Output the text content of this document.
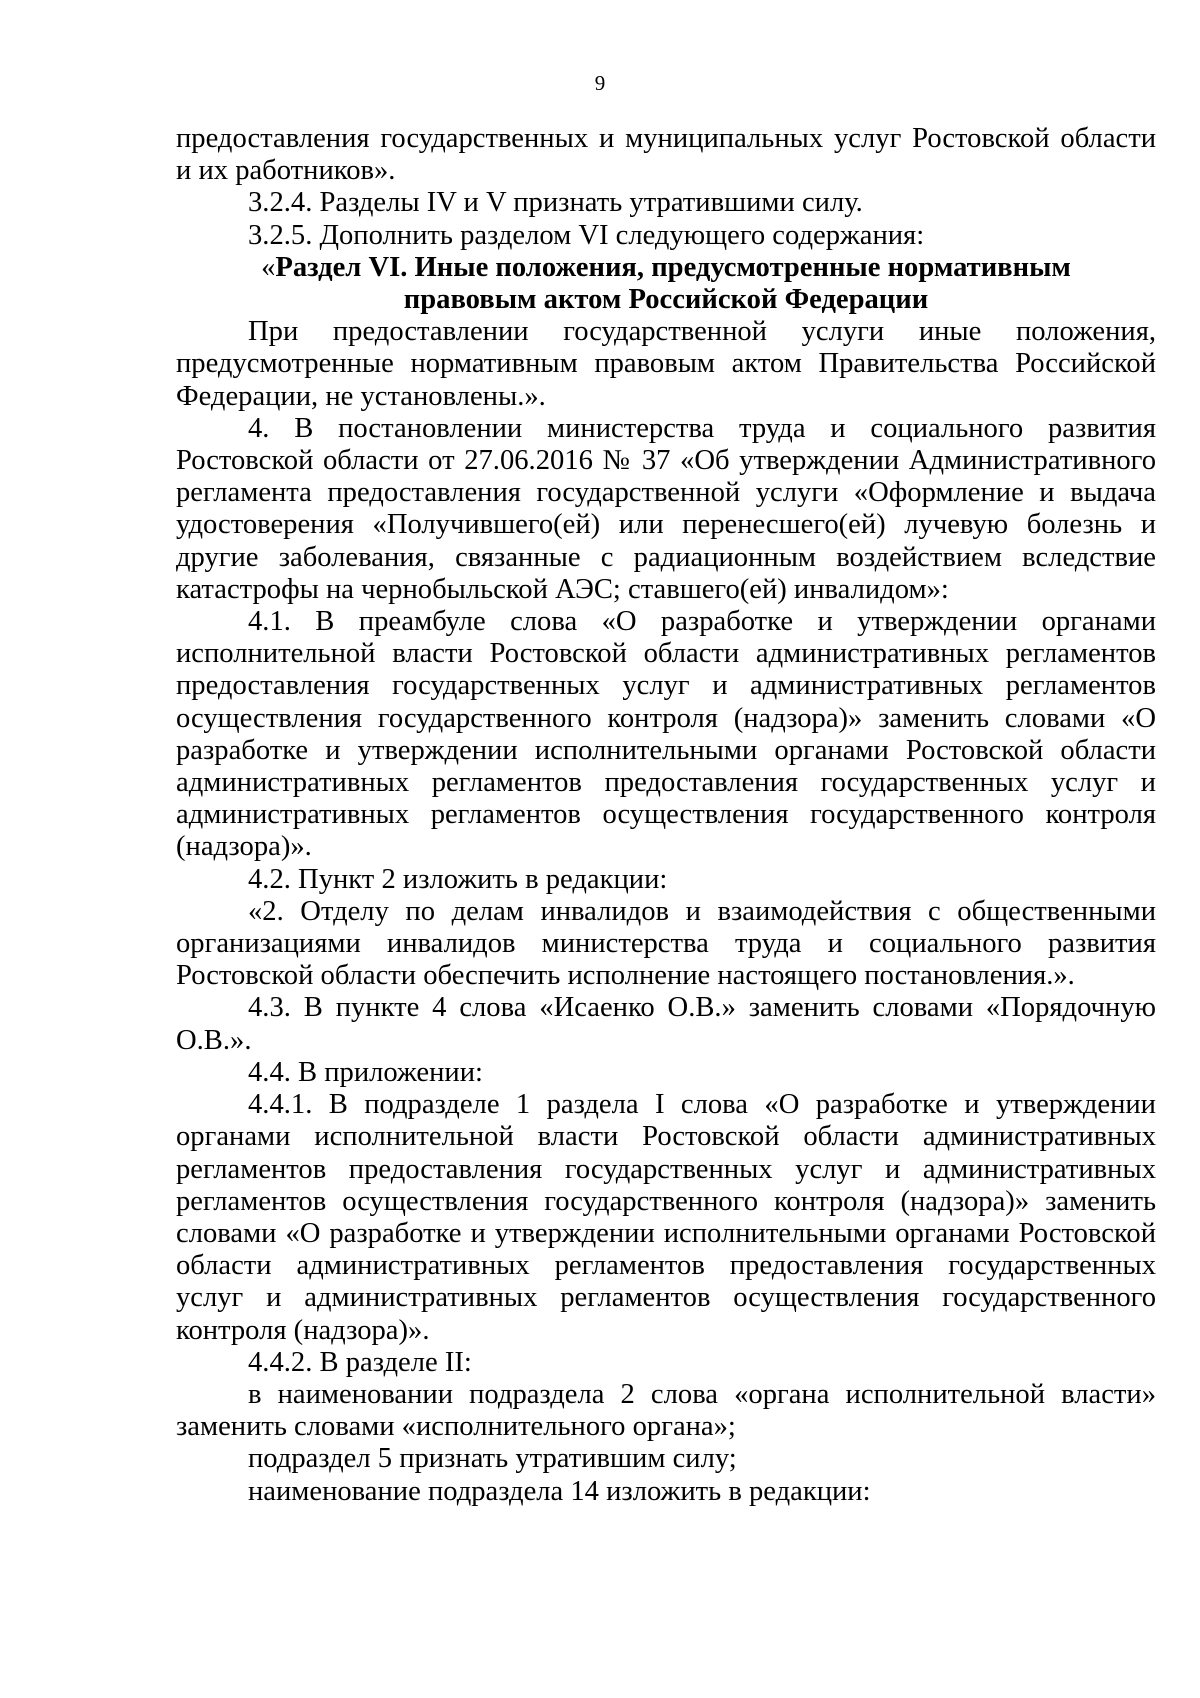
9

предоставления государственных и муниципальных услуг Ростовской области и их работников».

3.2.4. Разделы IV и V признать утратившими силу.

3.2.5. Дополнить разделом VI следующего содержания:

«Раздел VI. Иные положения, предусмотренные нормативным
правовым актом Российской Федерации

При предоставлении государственной услуги иные положения, предусмотренные нормативным правовым актом Правительства Российской Федерации, не установлены.».

4. В постановлении министерства труда и социального развития Ростовской области от 27.06.2016 № 37 «Об утверждении Административного регламента предоставления государственной услуги «Оформление и выдача удостоверения «Получившего(ей) или перенесшего(ей) лучевую болезнь и другие заболевания, связанные с радиационным воздействием вследствие катастрофы на чернобыльской АЭС; ставшего(ей) инвалидом»:

4.1. В преамбуле слова «О разработке и утверждении органами исполнительной власти Ростовской области административных регламентов предоставления государственных услуг и административных регламентов осуществления государственного контроля (надзора)» заменить словами «О разработке и утверждении исполнительными органами Ростовской области административных регламентов предоставления государственных услуг и административных регламентов осуществления государственного контроля (надзора)».

4.2. Пункт 2 изложить в редакции:

«2. Отделу по делам инвалидов и взаимодействия с общественными организациями инвалидов министерства труда и социального развития Ростовской области обеспечить исполнение настоящего постановления.».

4.3. В пункте 4 слова «Исаенко О.В.» заменить словами «Порядочную О.В.».

4.4. В приложении:

4.4.1. В подразделе 1 раздела I слова «О разработке и утверждении органами исполнительной власти Ростовской области административных регламентов предоставления государственных услуг и административных регламентов осуществления государственного контроля (надзора)» заменить словами «О разработке и утверждении исполнительными органами Ростовской области административных регламентов предоставления государственных услуг и административных регламентов осуществления государственного контроля (надзора)».

4.4.2. В разделе II:

в наименовании подраздела 2 слова «органа исполнительной власти» заменить словами «исполнительного органа»;

подраздел 5 признать утратившим силу;

наименование подраздела 14 изложить в редакции:
